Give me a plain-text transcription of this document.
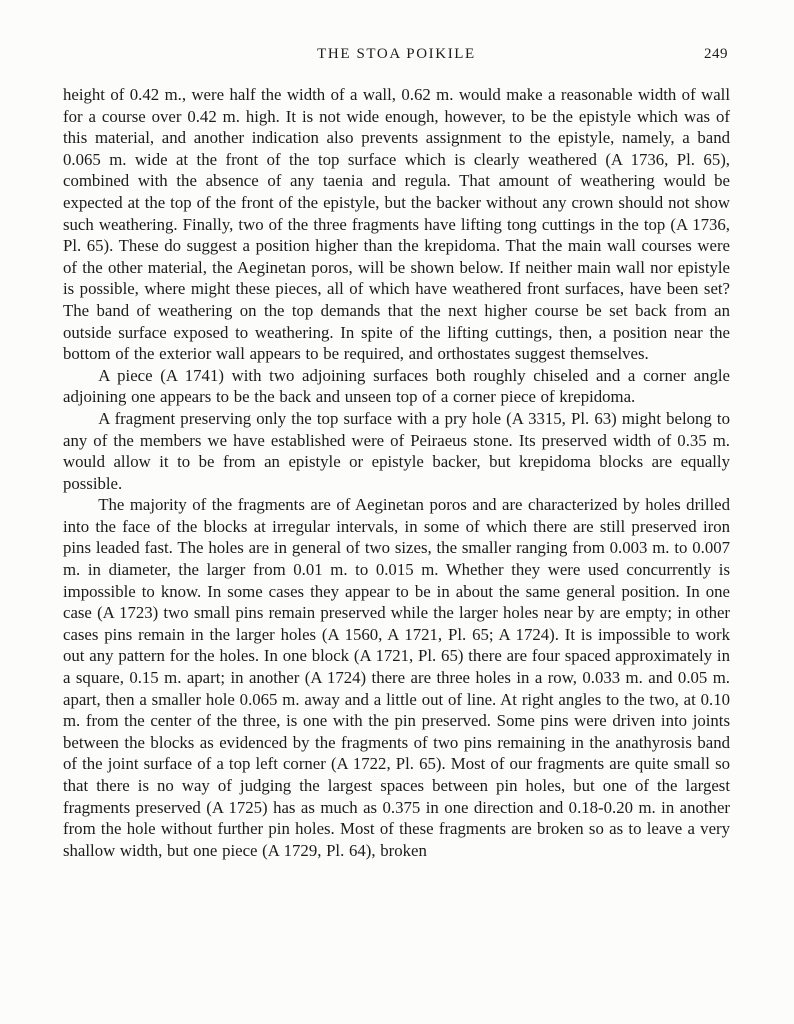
THE STOA POIKILE	249

height of 0.42 m., were half the width of a wall, 0.62 m. would make a reasonable width of wall for a course over 0.42 m. high. It is not wide enough, however, to be the epistyle which was of this material, and another indication also prevents assignment to the epistyle, namely, a band 0.065 m. wide at the front of the top surface which is clearly weathered (A 1736, Pl. 65), combined with the absence of any taenia and regula. That amount of weathering would be expected at the top of the front of the epistyle, but the backer without any crown should not show such weathering. Finally, two of the three fragments have lifting tong cuttings in the top (A 1736, Pl. 65). These do suggest a position higher than the krepidoma. That the main wall courses were of the other material, the Aeginetan poros, will be shown below. If neither main wall nor epistyle is possible, where might these pieces, all of which have weathered front surfaces, have been set? The band of weathering on the top demands that the next higher course be set back from an outside surface exposed to weathering. In spite of the lifting cuttings, then, a position near the bottom of the exterior wall appears to be required, and orthostates suggest themselves.

A piece (A 1741) with two adjoining surfaces both roughly chiseled and a corner angle adjoining one appears to be the back and unseen top of a corner piece of krepidoma.

A fragment preserving only the top surface with a pry hole (A 3315, Pl. 63) might belong to any of the members we have established were of Peiraeus stone. Its preserved width of 0.35 m. would allow it to be from an epistyle or epistyle backer, but krepidoma blocks are equally possible.

The majority of the fragments are of Aeginetan poros and are characterized by holes drilled into the face of the blocks at irregular intervals, in some of which there are still preserved iron pins leaded fast. The holes are in general of two sizes, the smaller ranging from 0.003 m. to 0.007 m. in diameter, the larger from 0.01 m. to 0.015 m. Whether they were used concurrently is impossible to know. In some cases they appear to be in about the same general position. In one case (A 1723) two small pins remain preserved while the larger holes near by are empty; in other cases pins remain in the larger holes (A 1560, A 1721, Pl. 65; A 1724). It is impossible to work out any pattern for the holes. In one block (A 1721, Pl. 65) there are four spaced approximately in a square, 0.15 m. apart; in another (A 1724) there are three holes in a row, 0.033 m. and 0.05 m. apart, then a smaller hole 0.065 m. away and a little out of line. At right angles to the two, at 0.10 m. from the center of the three, is one with the pin preserved. Some pins were driven into joints between the blocks as evidenced by the fragments of two pins remaining in the anathyrosis band of the joint surface of a top left corner (A 1722, Pl. 65). Most of our fragments are quite small so that there is no way of judging the largest spaces between pin holes, but one of the largest fragments preserved (A 1725) has as much as 0.375 in one direction and 0.18-0.20 m. in another from the hole without further pin holes. Most of these fragments are broken so as to leave a very shallow width, but one piece (A 1729, Pl. 64), broken
